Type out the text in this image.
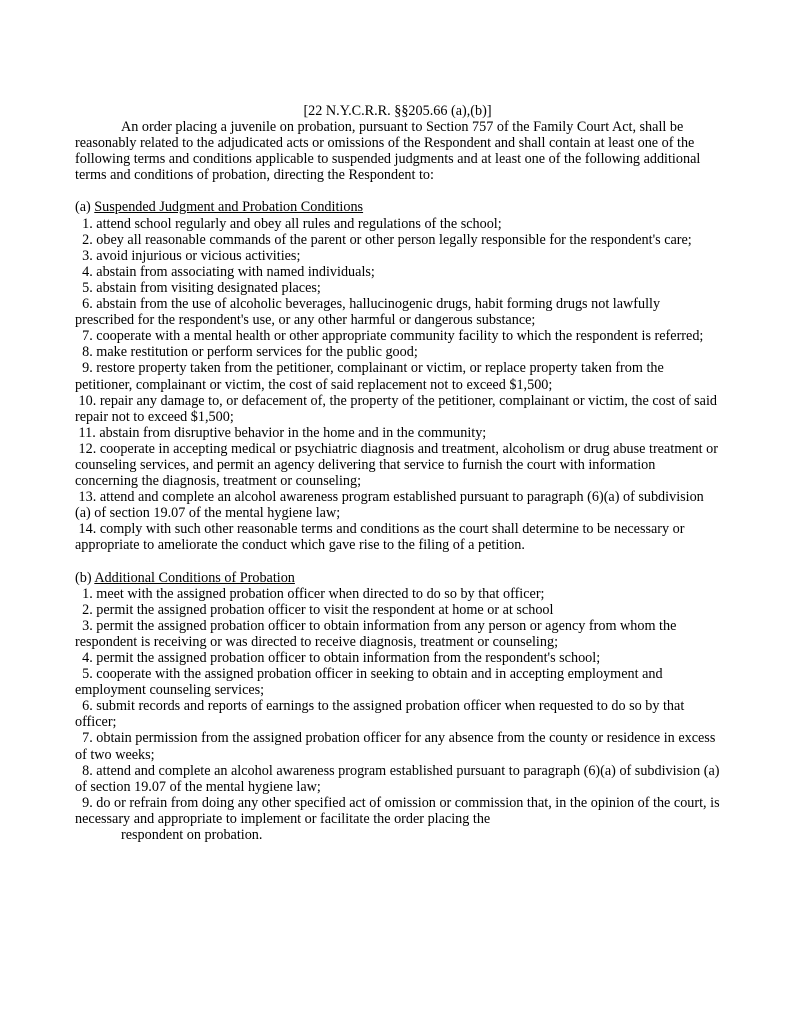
[22 N.Y.C.R.R. §§205.66 (a),(b)]

An order placing a juvenile on probation, pursuant to Section 757 of the Family Court Act, shall be reasonably related to the adjudicated acts or omissions of the Respondent and shall contain at least one of the following terms and conditions applicable to suspended judgments and at least one of the following additional terms and conditions of probation, directing the Respondent to:

(a) Suspended Judgment and Probation Conditions

1. attend school regularly and obey all rules and regulations of the school;

2. obey all reasonable commands of the parent or other person legally responsible for the respondent's care;

3. avoid injurious or vicious activities;

4. abstain from associating with named individuals;

5. abstain from visiting designated places;

6. abstain from the use of alcoholic beverages, hallucinogenic drugs, habit forming drugs not lawfully prescribed for the respondent's use, or any other harmful or dangerous substance;

7. cooperate with a mental health or other appropriate community facility to which the respondent is referred;

8. make restitution or perform services for the public good;

9. restore property taken from the petitioner, complainant or victim, or replace property taken from the petitioner, complainant or victim, the cost of said replacement not to exceed $1,500;

10. repair any damage to, or defacement of, the property of the petitioner, complainant or victim, the cost of said repair not to exceed $1,500;

11. abstain from disruptive behavior in the home and in the community;

12. cooperate in accepting medical or psychiatric diagnosis and treatment, alcoholism or drug abuse treatment or counseling services, and permit an agency delivering that service to furnish the court with information concerning the diagnosis, treatment or counseling;

13. attend and complete an alcohol awareness program established pursuant to paragraph (6)(a) of subdivision (a) of section 19.07 of the mental hygiene law;

14. comply with such other reasonable terms and conditions as the court shall determine to be necessary or appropriate to ameliorate the conduct which gave rise to the filing of a petition.

(b) Additional Conditions of Probation

1. meet with the assigned probation officer when directed to do so by that officer;

2. permit the assigned probation officer to visit the respondent at home or at school

3. permit the assigned probation officer to obtain information from any person or agency from whom the respondent is receiving or was directed to receive diagnosis, treatment or counseling;

4. permit the assigned probation officer to obtain information from the respondent's school;

5. cooperate with the assigned probation officer in seeking to obtain and in accepting employment and employment counseling services;

6. submit records and reports of earnings to the assigned probation officer when requested to do so by that officer;

7. obtain permission from the assigned probation officer for any absence from the county or residence in excess of two weeks;

8. attend and complete an alcohol awareness program established pursuant to paragraph (6)(a) of subdivision (a) of section 19.07 of the mental hygiene law;

9. do or refrain from doing any other specified act of omission or commission that, in the opinion of the court, is necessary and appropriate to implement or facilitate the order placing the

respondent on probation.
